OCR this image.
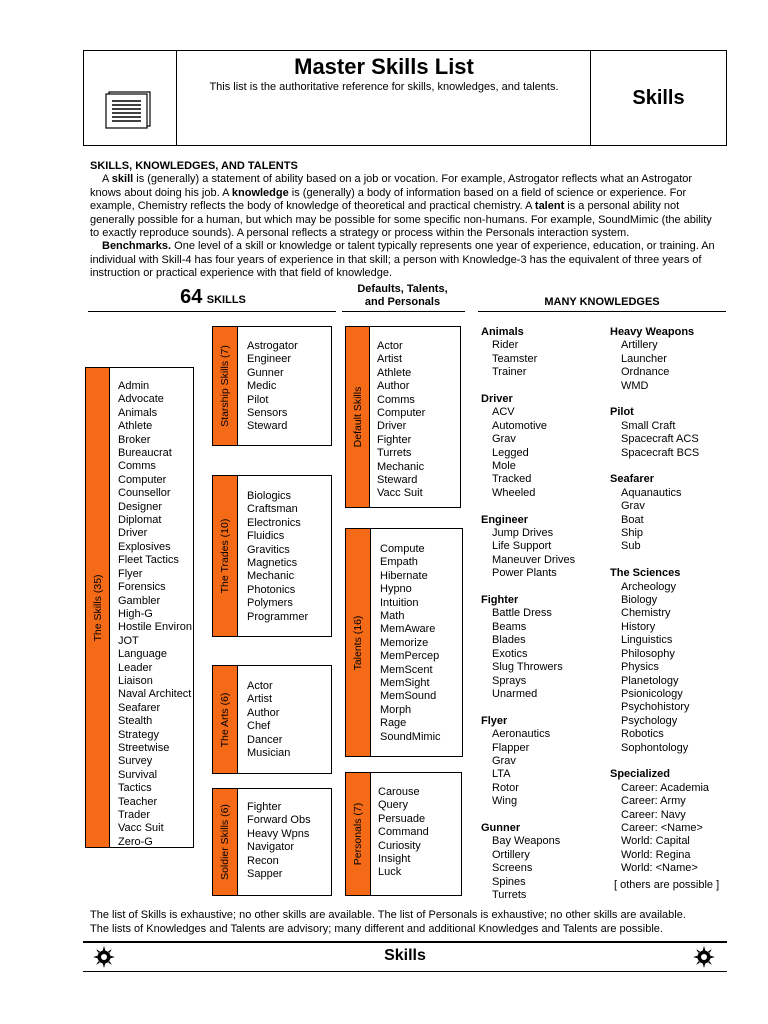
Master Skills List
This list is the authoritative reference for skills, knowledges, and talents.	Skills
SKILLS, KNOWLEDGES, AND TALENTS

A skill is (generally) a statement of ability based on a job or vocation. For example, Astrogator reflects what an Astrogator knows about doing his job. A knowledge is (generally) a body of information based on a field of science or experience. For example, Chemistry reflects the body of knowledge of theoretical and practical chemistry. A talent is a personal ability not generally possible for a human, but which may be possible for some specific non-humans. For example, SoundMimic (the ability to exactly reproduce sounds). A personal reflects a strategy or process within the Personals interaction system.

Benchmarks. One level of a skill or knowledge or talent typically represents one year of experience, education, or training. An individual with Skill-4 has four years of experience in that skill; a person with Knowledge-3 has the equivalent of three years of instruction or practical experience with that field of knowledge.

64 SKILLS
Defaults, Talents,
and Personals	MANY KNOWLEDGES
The Skills (35)
Admin
Advocate
Animals
Athlete
Broker
Bureaucrat
Comms
Computer
Counsellor
Designer
Diplomat
Driver
Explosives
Fleet Tactics
Flyer
Forensics
Gambler
High-G
Hostile Environ
JOT
Language
Leader
Liaison
Naval Architect
Seafarer
Stealth
Strategy
Streetwise
Survey
Survival
Tactics
Teacher
Trader
Vacc Suit
Zero-G
Starship Skills (7) Astrogator
Engineer
Gunner
Medic
Pilot
Sensors
Steward
The Trades (10)
Biologics
Craftsman
Electronics
Fluidics
Gravitics
Magnetics
Mechanic
Photonics
Polymers
Programmer
The Arts (6)
Actor
Artist
Author
Chef
Dancer
Musician
Soldier Skills (6) Fighter
Forward Obs
Heavy Wpns
Navigator
Recon
Sapper
Default Skills
Actor
Artist
Athlete
Author
Comms
Computer
Driver
Fighter
Turrets
Mechanic
Steward
Vacc Suit
Talents (16)
Compute
Empath
Hibernate
Hypno
Intuition
Math
MemAware
Memorize
MemPercep
MemScent
MemSight
MemSound
Morph
Rage
SoundMimic
Personals (7)
Carouse
Query
Persuade
Command
Curiosity
Insight
Luck
Animals
Rider
Teamster
Trainer
Driver
ACV
Automotive
Grav
Legged
Mole
Tracked
Wheeled
Engineer
Jump Drives
Life Support
Maneuver Drives
Power Plants
Fighter
Battle Dress
Beams
Blades
Exotics
Slug Throwers
Sprays
Unarmed
Flyer
Aeronautics
Flapper
Grav
LTA
Rotor
Wing
Gunner
Bay Weapons
Ortillery
Screens
Spines
Turrets
Heavy Weapons
Artillery
Launcher
Ordnance
WMD
Pilot
Small Craft
Spacecraft ACS
Spacecraft BCS
Seafarer
Aquanautics
Grav
Boat
Ship
Sub
The Sciences
Archeology
Biology
Chemistry
History
Linguistics
Philosophy
Physics
Planetology
Psionicology
Psychohistory
Psychology
Robotics
Sophontology
Specialized
Career: Academia
Career: Army
Career: Navy
Career: <Name>
World: Capital
World: Regina
World: <Name>
[ others are possible ]
The list of Skills is exhaustive; no other skills are available. The list of Personals is exhaustive; no other skills are available.
The lists of Knowledges and Talents are advisory; many different and additional Knowledges and Talents are possible.
Skills
